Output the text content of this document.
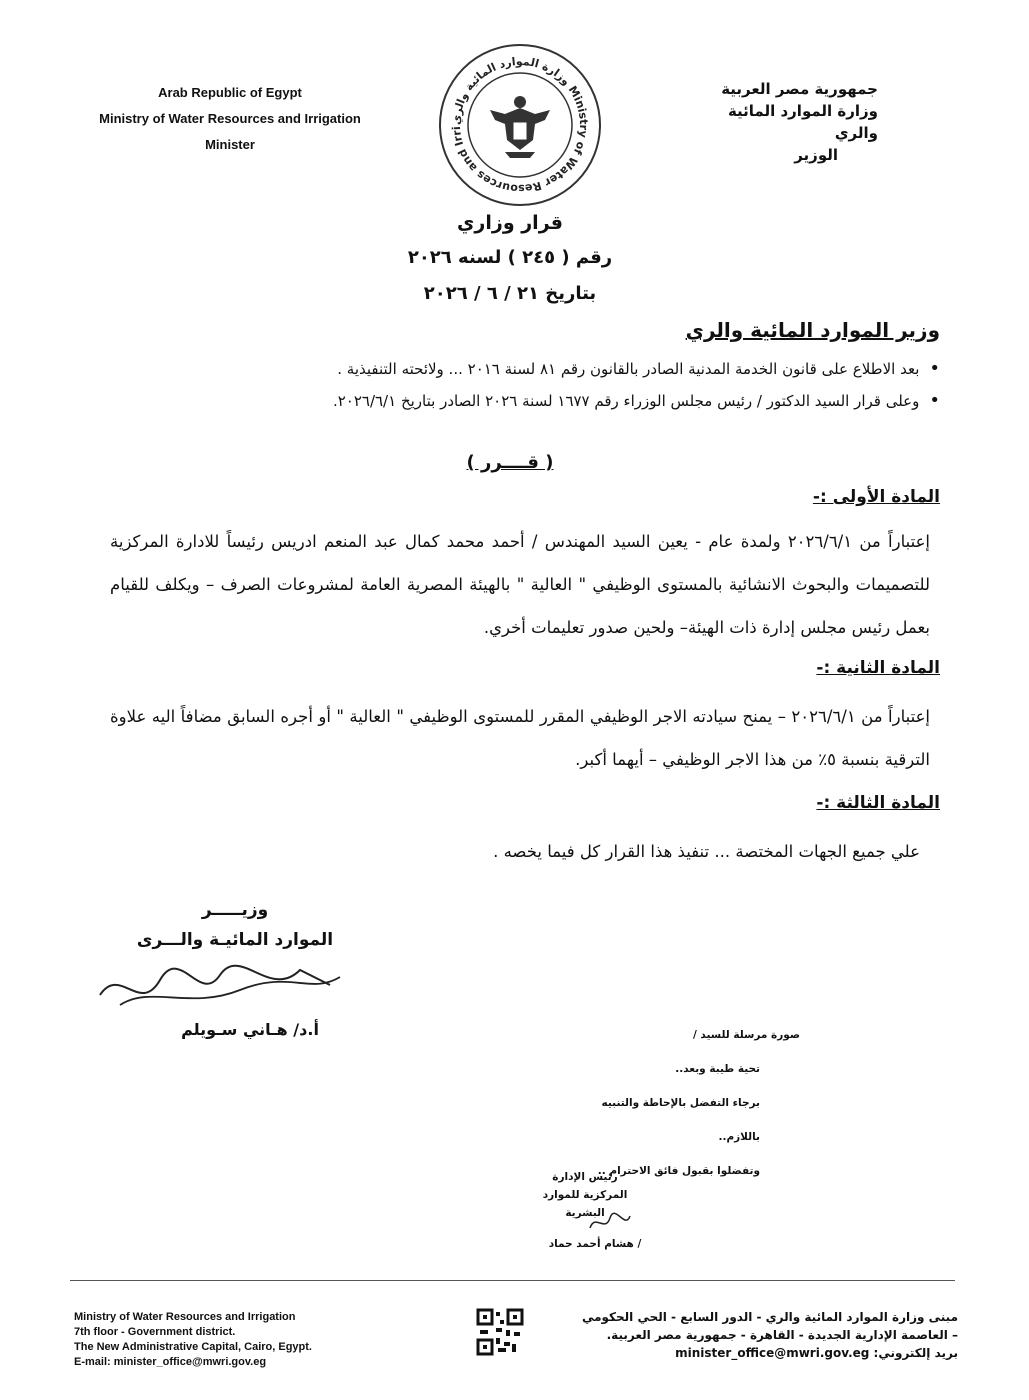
Arab Republic of Egypt
Ministry of Water Resources and Irrigation
Minister
وزارة الموارد المائية والري Ministry of Water Resources and Irri
جمهورية مصر العربية
وزارة الموارد المائية والري
الوزير
قرار وزاري
رقم ( ٢٤٥ ) لسنه ٢٠٢٦
بتاريخ ٢١ / ٦ / ٢٠٢٦
وزير الموارد المائية والري
• بعد الاطلاع على قانون الخدمة المدنية الصادر بالقانون رقم ٨١ لسنة ٢٠١٦ ... ولائحته التنفيذية .
• وعلى قرار السيد الدكتور / رئيس مجلس الوزراء رقم ١٦٧٧ لسنة ٢٠٢٦ الصادر بتاريخ ٢٠٢٦/٦/١.
( قــــرر )
المادة الأولى :-
إعتباراً من ٢٠٢٦/٦/١ ولمدة عام - يعين السيد المهندس / أحمد محمد كمال عبد المنعم ادريس رئيساً للادارة المركزية للتصميمات والبحوث الانشائية بالمستوى الوظيفي " العالية " بالهيئة المصرية العامة لمشروعات الصرف – ويكلف للقيام بعمل رئيس مجلس إدارة ذات الهيئة– ولحين صدور تعليمات أخري.
المادة الثانية :-
إعتباراً من ٢٠٢٦/٦/١ – يمنح سيادته الاجر الوظيفي المقرر للمستوى الوظيفي " العالية " أو أجره السابق مضافاً اليه علاوة الترقية بنسبة ٥٪ من هذا الاجر الوظيفي – أيهما أكبر.
المادة الثالثة :-
علي جميع الجهات المختصة ... تنفيذ هذا القرار كل فيما يخصه .
وزيـــــر
الموارد المائيـة والـــرى
أ.د/ هـاني سـويلم	صورة مرسلة للسيد /
تحية طيبة وبعد..
برجاء التفضل بالإحاطة والتنبيه باللازم..
وتفضلوا بقبول فائق الاحترام ..
رئيس الإدارة
المركزية للموارد البشرية
/ هشام أحمد حماد
Ministry of Water Resources and Irrigation
7th floor - Government district.
The New Administrative Capital, Cairo, Egypt.
E-mail: minister_office@mwri.gov.eg
مبنى وزارة الموارد المائية والري - الدور السابع - الحي الحكومي
– العاصمة الإدارية الجديدة - القاهرة - جمهورية مصر العربية.
بريد إلكتروني: minister_office@mwri.gov.eg
